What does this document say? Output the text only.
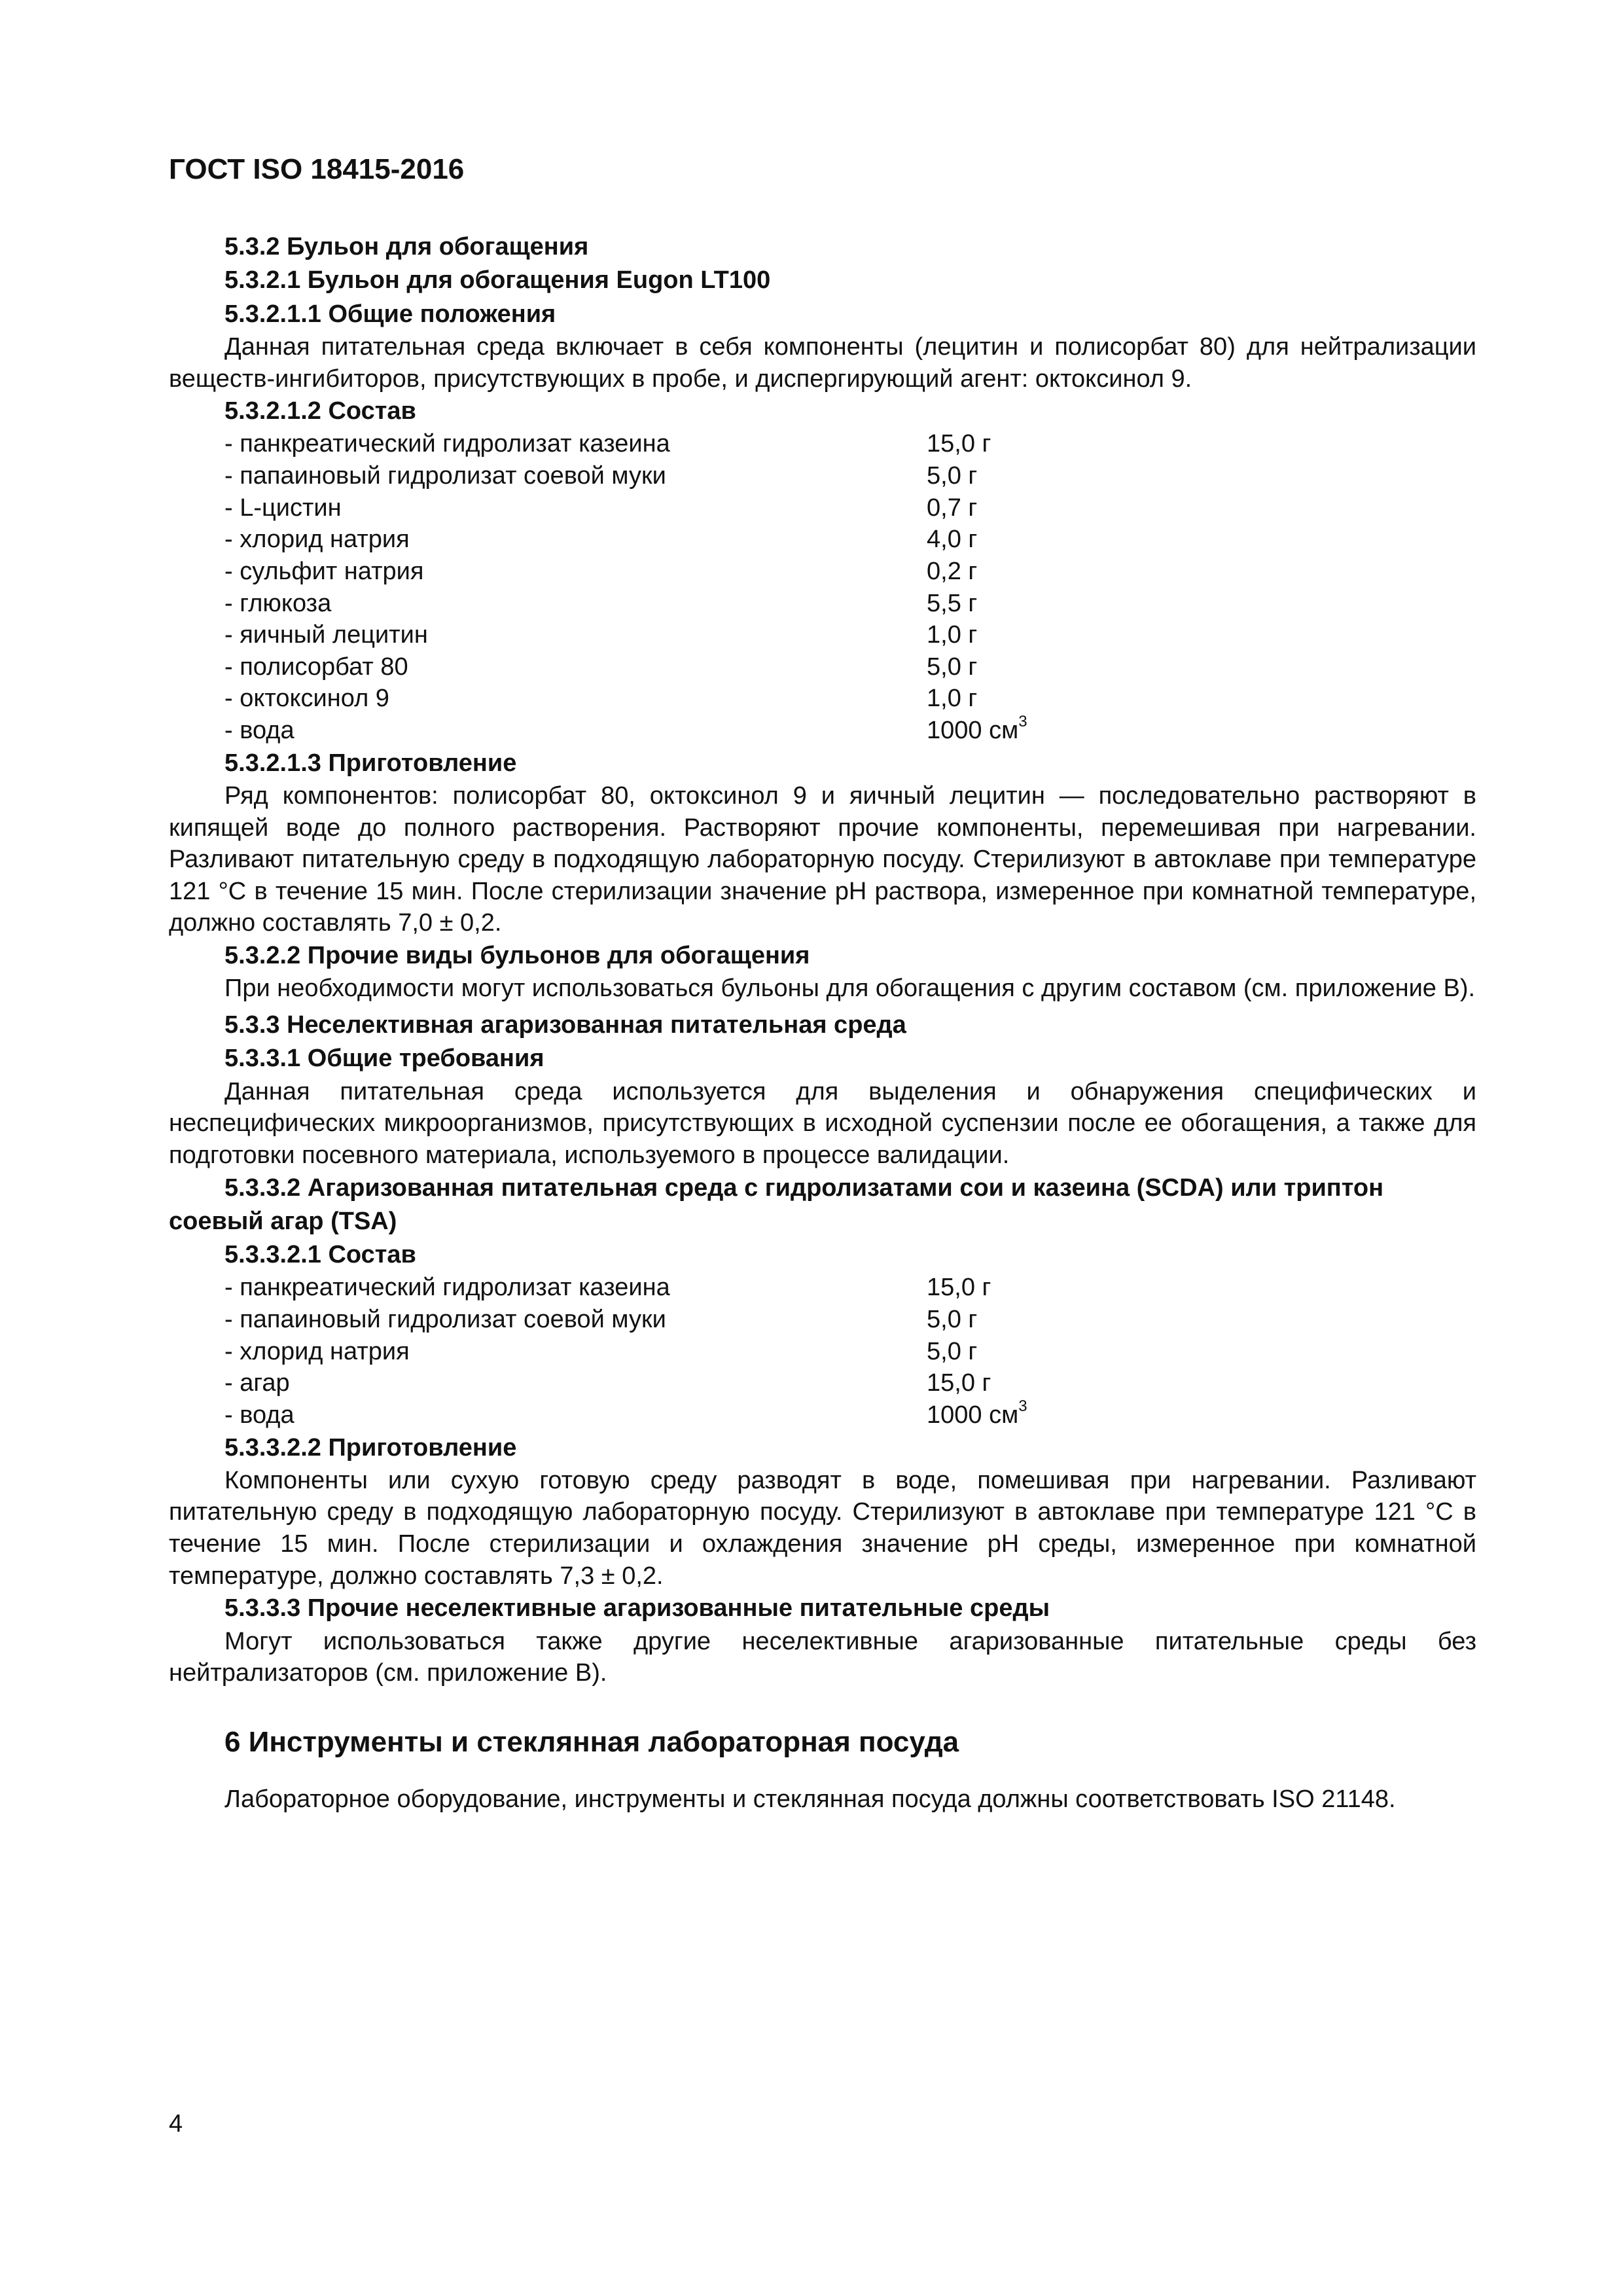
ГОСТ ISO 18415-2016

5.3.2 Бульон для обогащения

5.3.2.1 Бульон для обогащения Eugon LT100

5.3.2.1.1 Общие положения

Данная питательная среда включает в себя компоненты (лецитин и полисорбат 80) для нейтрализации веществ-ингибиторов, присутствующих в пробе, и диспергирующий агент: октоксинол 9.

5.3.2.1.2 Состав

- панкреатический гидролизат казеина	15,0 г
- папаиновый гидролизат соевой муки	5,0 г
- L-цистин	0,7 г
- хлорид натрия	4,0 г
- сульфит натрия	0,2 г
- глюкоза	5,5 г
- яичный лецитин	1,0 г
- полисорбат 80	5,0 г
- октоксинол 9	1,0 г
- вода	1000 $см^3$

5.3.2.1.3 Приготовление

Ряд компонентов: полисорбат 80, октоксинол 9 и яичный лецитин — последовательно растворяют в кипящей воде до полного растворения. Растворяют прочие компоненты, перемешивая при нагревании. Разливают питательную среду в подходящую лабораторную посуду. Стерилизуют в автоклаве при температуре 121 °С в течение 15 мин. После стерилизации значение рН раствора, измеренное при комнатной температуре, должно составлять 7,0 ± 0,2.

5.3.2.2 Прочие виды бульонов для обогащения

При необходимости могут использоваться бульоны для обогащения с другим составом (см. приложение В).

5.3.3 Неселективная агаризованная питательная среда

5.3.3.1 Общие требования

Данная питательная среда используется для выделения и обнаружения специфических и неспецифических микроорганизмов, присутствующих в исходной суспензии после ее обогащения, а также для подготовки посевного материала, используемого в процессе валидации.

5.3.3.2 Агаризованная питательная среда с гидролизатами сои и казеина (SCDA) или триптон соевый агар (TSA)

5.3.3.2.1 Состав

- панкреатический гидролизат казеина	15,0 г
- папаиновый гидролизат соевой муки	5,0 г
- хлорид натрия	5,0 г
- агар	15,0 г
- вода	1000 $см^3$

5.3.3.2.2 Приготовление

Компоненты или сухую готовую среду разводят в воде, помешивая при нагревании. Разливают питательную среду в подходящую лабораторную посуду. Стерилизуют в автоклаве при температуре 121 °С в течение 15 мин. После стерилизации и охлаждения значение рН среды, измеренное при комнатной температуре, должно составлять 7,3 ± 0,2.

5.3.3.3 Прочие неселективные агаризованные питательные среды

Могут использоваться также другие неселективные агаризованные питательные среды без нейтрализаторов (см. приложение В).

6 Инструменты и стеклянная лабораторная посуда

Лабораторное оборудование, инструменты и стеклянная посуда должны соответствовать ISO 21148.

4
